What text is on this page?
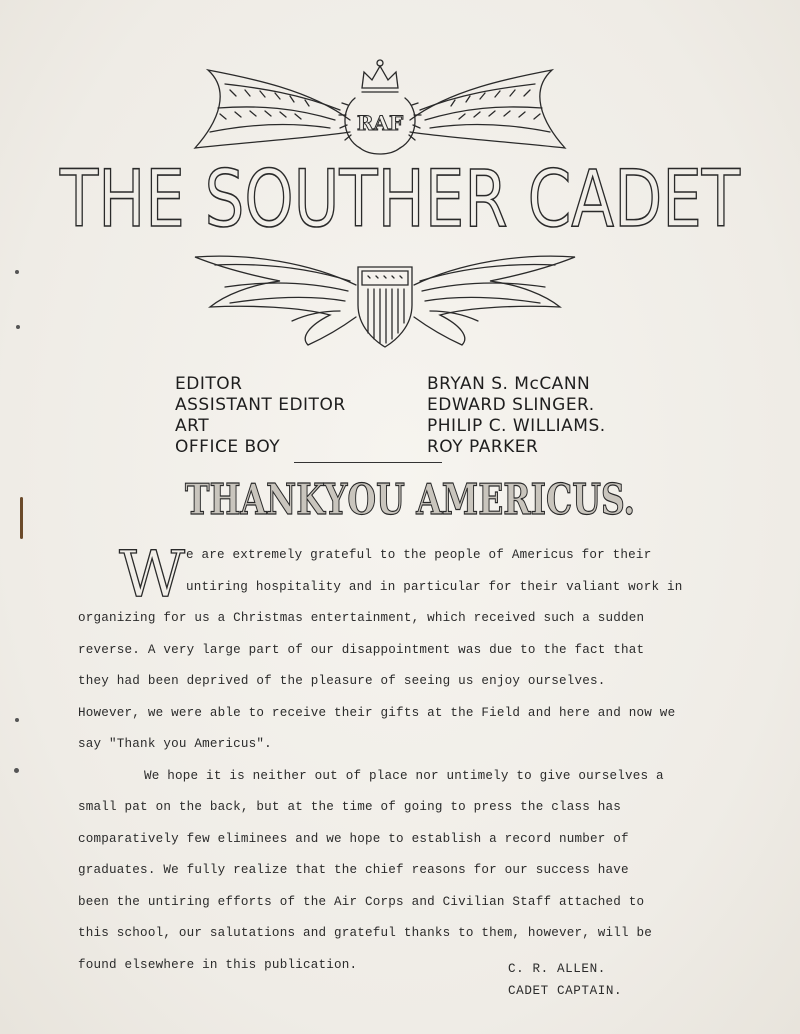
RAF
THE SOUTHER CADET
EDITOR	BRYAN S. McCANN
ASSISTANT EDITOR	EDWARD SLINGER.
ART	PHILIP C. WILLIAMS.
OFFICE BOY	ROY PARKER
THANKYOU AMERICUS.
W e are extremely grateful to the people of Americus for their
untiring hospitality and in particular for their valiant work in
organizing for us a Christmas entertainment, which received such a sudden
reverse. A very large part of our disappointment was due to the fact that
they had been deprived of the pleasure of seeing us enjoy ourselves.
However, we were able to receive their gifts at the Field and here and now we
say "Thank you Americus".
We hope it is neither out of place nor untimely to give ourselves a
small pat on the back, but at the time of going to press the class has
comparatively few eliminees and we hope to establish a record number of
graduates. We fully realize that the chief reasons for our success have
been the untiring efforts of the Air Corps and Civilian Staff attached to
this school, our salutations and grateful thanks to them, however, will be
found elsewhere in this publication.	C. R. ALLEN.
CADET CAPTAIN.
